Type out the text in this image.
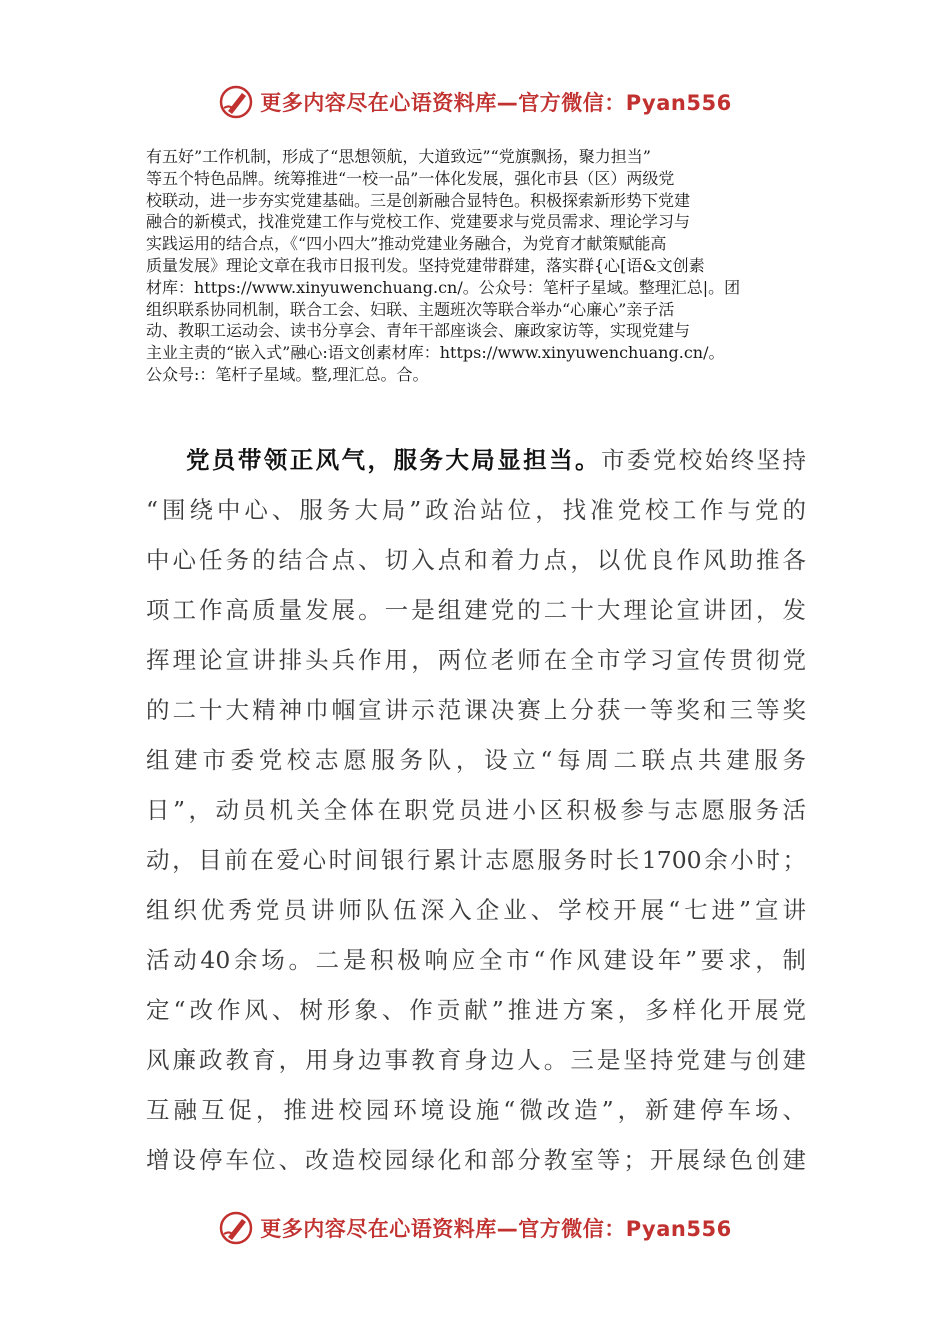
更多内容尽在心语资料库—官方微信：Pyan556
有五好”工作机制，形成了“思想领航，大道致远”“党旗飘扬，聚力担当”
等五个特色品牌。统筹推进“一校一品”一体化发展，强化市县（区）两级党
校联动，进一步夯实党建基础。三是创新融合显特色。积极探索新形势下党建
融合的新模式，找准党建工作与党校工作、党建要求与党员需求、理论学习与
实践运用的结合点，《“四小四大”推动党建业务融合，为党育才献策赋能高
质量发展》理论文章在我市日报刊发。坚持党建带群建，落实群{心[语&文创素
材库：https://www.xinyuwenchuang.cn/。公众号：笔杆子星域。整理汇总|。团
组织联系协同机制，联合工会、妇联、主题班次等联合举办“心廉心”亲子活
动、教职工运动会、读书分享会、青年干部座谈会、廉政家访等，实现党建与
主业主责的“嵌入式”融心:语文创素材库：https://www.xinyuwenchuang.cn/。
公众号:：笔杆子星域。整,理汇总。合。
党员带领正风气，服务大局显担当。市委党校始终坚持
“围绕中心、服务大局”政治站位，找准党校工作与党的
中心任务的结合点、切入点和着力点，以优良作风助推各
项工作高质量发展。一是组建党的二十大理论宣讲团，发
挥理论宣讲排头兵作用，两位老师在全市学习宣传贯彻党
的二十大精神巾帼宣讲示范课决赛上分获一等奖和三等奖
组建市委党校志愿服务队，设立“每周二联点共建服务
日”，动员机关全体在职党员进小区积极参与志愿服务活
动，目前在爱心时间银行累计志愿服务时长1700余小时；
组织优秀党员讲师队伍深入企业、学校开展“七进”宣讲
活动40余场。二是积极响应全市“作风建设年”要求，制
定“改作风、树形象、作贡献”推进方案，多样化开展党
风廉政教育，用身边事教育身边人。三是坚持党建与创建
互融互促，推进校园环境设施“微改造”，新建停车场、
增设停车位、改造校园绿化和部分教室等；开展绿色创建
更多内容尽在心语资料库—官方微信：Pyan556
